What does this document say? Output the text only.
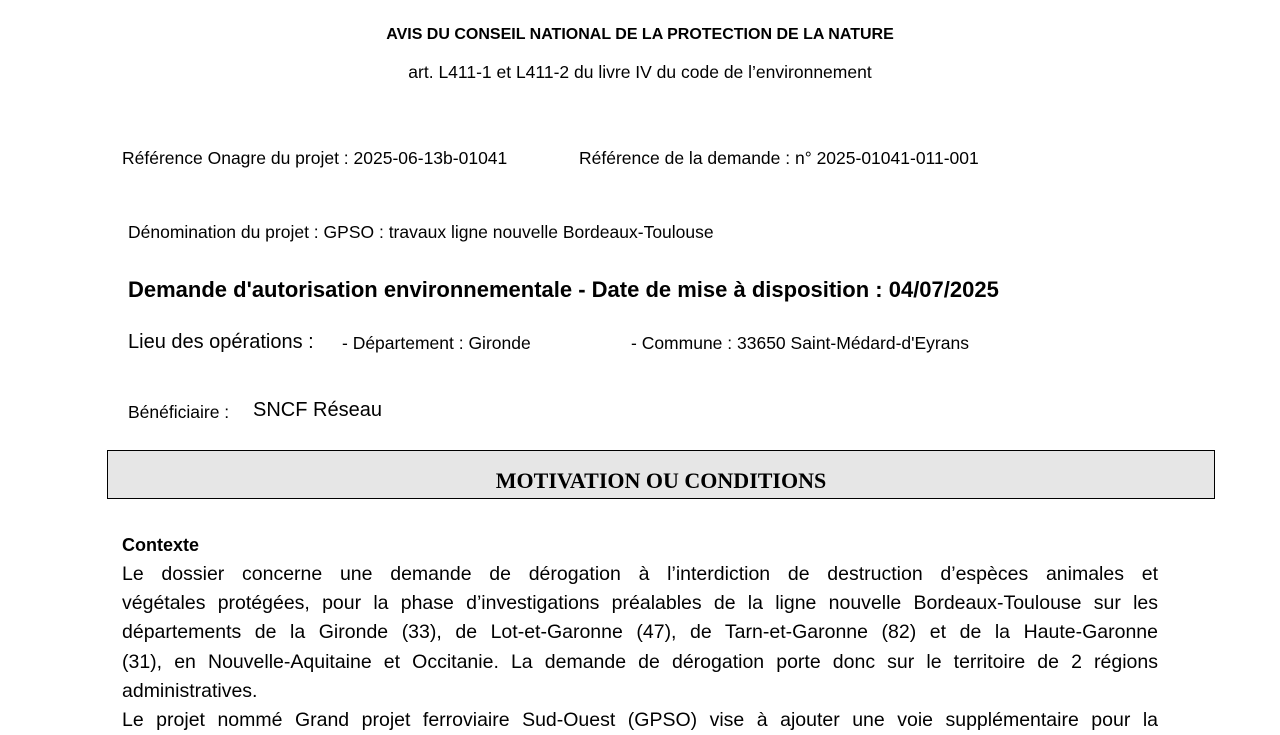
AVIS DU CONSEIL NATIONAL DE LA PROTECTION DE LA NATURE
art. L411-1 et L411-2 du livre IV du code de l’environnement
Référence Onagre du projet : 2025-06-13b-01041	Référence de la demande : n° 2025-01041-011-001
Dénomination du projet : GPSO : travaux ligne nouvelle Bordeaux-Toulouse
Demande d'autorisation environnementale - Date de mise à disposition : 04/07/2025
Lieu des opérations : - Département : Gironde	- Commune : 33650 Saint-Médard-d'Eyrans
Bénéficiaire : SNCF Réseau
MOTIVATION OU CONDITIONS
Contexte
Le dossier concerne une demande de dérogation à l’interdiction de destruction d’espèces animales et
végétales protégées, pour la phase d’investigations préalables de la ligne nouvelle Bordeaux-Toulouse sur les
départements de la Gironde (33), de Lot-et-Garonne (47), de Tarn-et-Garonne (82) et de la Haute-Garonne
(31), en Nouvelle-Aquitaine et Occitanie. La demande de dérogation porte donc sur le territoire de 2 régions
administratives.
Le projet nommé Grand projet ferroviaire Sud-Ouest (GPSO) vise à ajouter une voie supplémentaire pour la
